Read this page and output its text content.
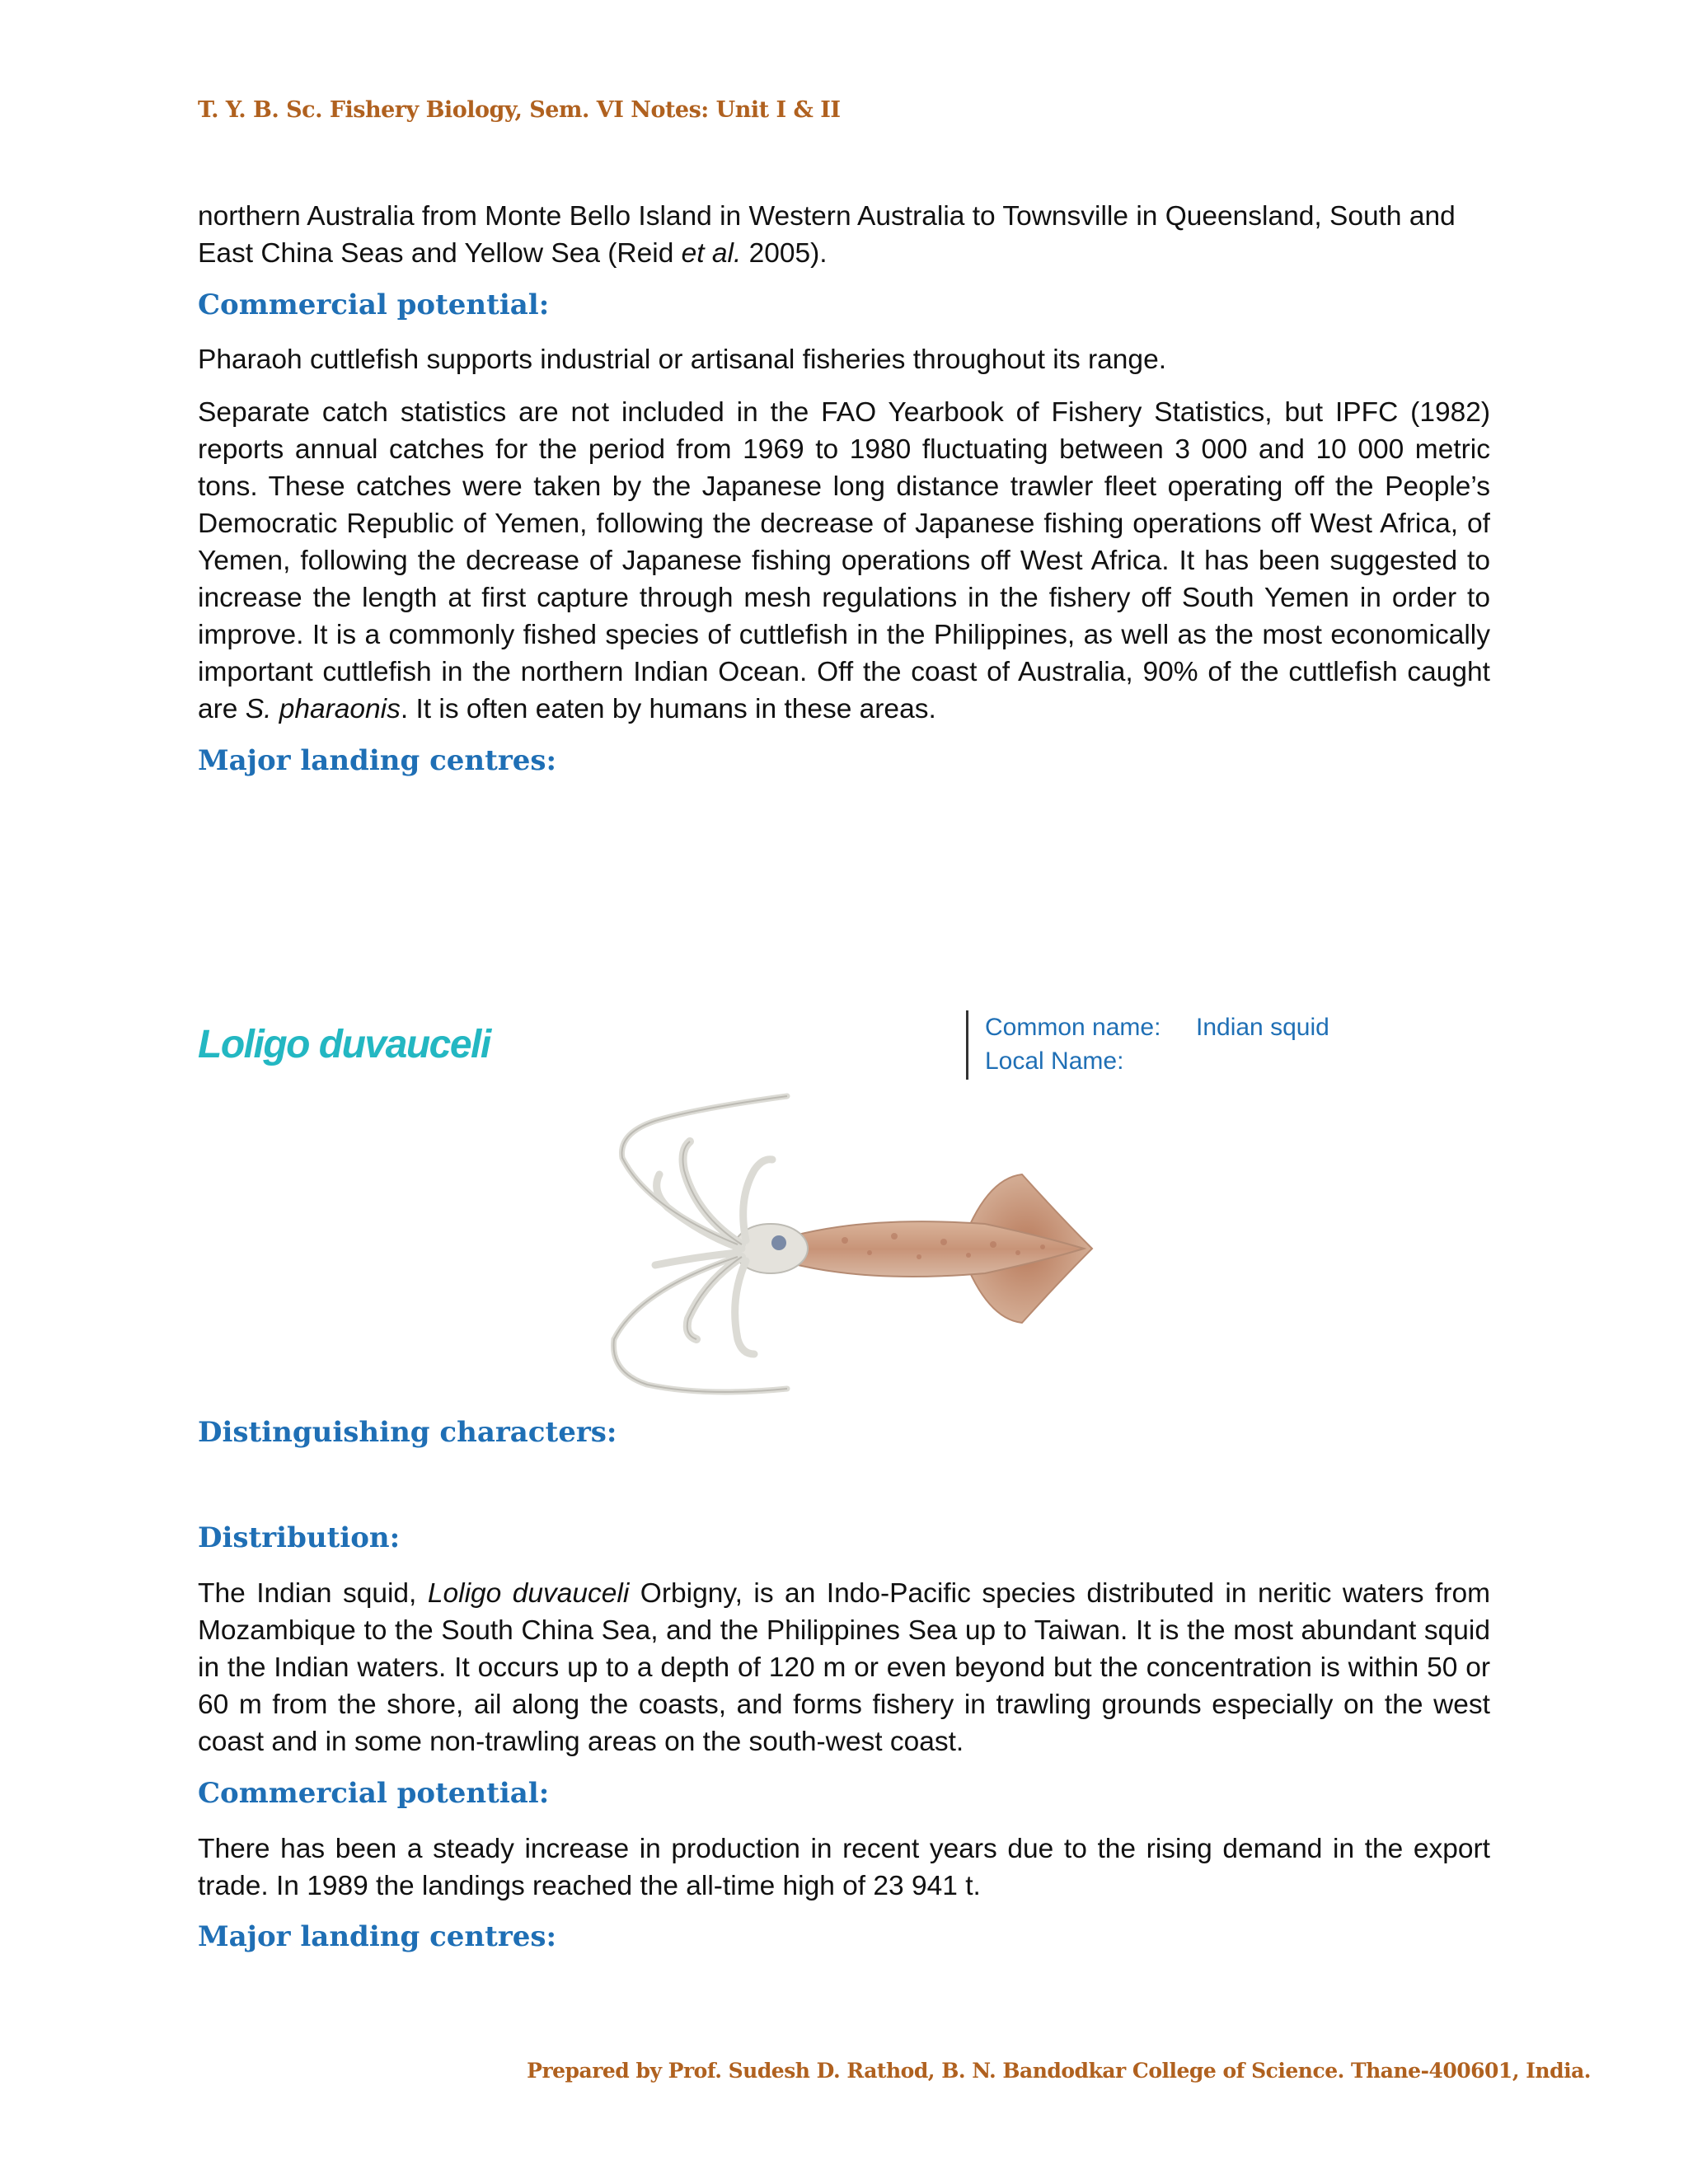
T. Y. B. Sc. Fishery Biology, Sem. VI Notes: Unit I & II

northern Australia from Monte Bello Island in Western Australia to Townsville in Queensland, South and
East China Seas and Yellow Sea (Reid et al. 2005).

Commercial potential:

Pharaoh cuttlefish supports industrial or artisanal fisheries throughout its range.

Separate catch statistics are not included in the FAO Yearbook of Fishery Statistics, but IPFC (1982) reports annual catches for the period from 1969 to 1980 fluctuating between 3 000 and 10 000 metric tons. These catches were taken by the Japanese long distance trawler fleet operating off the People’s Democratic Republic of Yemen, following the decrease of Japanese fishing operations off West Africa, of Yemen, following the decrease of Japanese fishing operations off West Africa. It has been suggested to increase the length at first capture through mesh regulations in the fishery off South Yemen in order to improve. It is a commonly fished species of cuttlefish in the Philippines, as well as the most economically important cuttlefish in the northern Indian Ocean. Off the coast of Australia, 90% of the cuttlefish caught are S. pharaonis. It is often eaten by humans in these areas.

Major landing centres:
Loligo duvauceli	Common name:	Indian squid
Local Name:
Distinguishing characters:
Distribution:

The Indian squid, Loligo duvauceli Orbigny, is an Indo-Pacific species distributed in neritic waters from Mozambique to the South China Sea, and the Philippines Sea up to Taiwan. It is the most abundant squid in the Indian waters. It occurs up to a depth of 120 m or even beyond but the concentration is within 50 or 60 m from the shore, ail along the coasts, and forms fishery in trawling grounds especially on the west coast and in some non-trawling areas on the south-west coast.

Commercial potential:

There has been a steady increase in production in recent years due to the rising demand in the export trade. In 1989 the landings reached the all-time high of 23 941 t.

Major landing centres:
Prepared by Prof. Sudesh D. Rathod, B. N. Bandodkar College of Science. Thane-400601, India.
